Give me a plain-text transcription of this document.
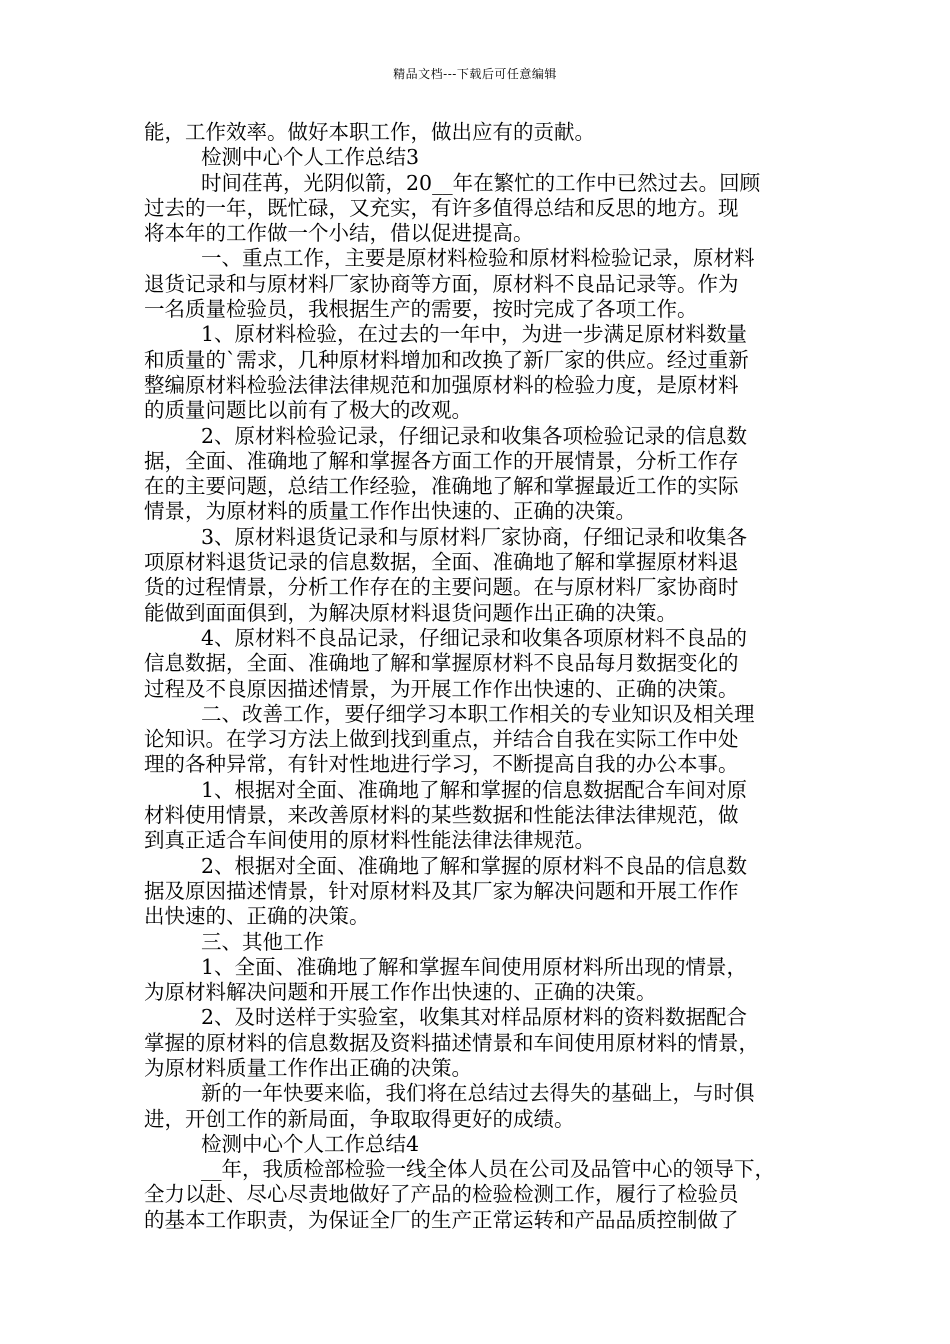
精品文档---下载后可任意编辑
能，工作效率。做好本职工作，做出应有的贡献。
检测中心个人工作总结3
时间荏苒，光阴似箭，20__年在繁忙的工作中已然过去。回顾
过去的一年，既忙碌，又充实，有许多值得总结和反思的地方。现
将本年的工作做一个小结，借以促进提高。
一、重点工作，主要是原材料检验和原材料检验记录，原材料
退货记录和与原材料厂家协商等方面，原材料不良品记录等。作为
一名质量检验员，我根据生产的需要，按时完成了各项工作。
1、原材料检验，在过去的一年中，为进一步满足原材料数量
和质量的`需求，几种原材料增加和改换了新厂家的供应。经过重新
整编原材料检验法律法律规范和加强原材料的检验力度，是原材料
的质量问题比以前有了极大的改观。
2、原材料检验记录，仔细记录和收集各项检验记录的信息数
据，全面、准确地了解和掌握各方面工作的开展情景，分析工作存
在的主要问题，总结工作经验，准确地了解和掌握最近工作的实际
情景，为原材料的质量工作作出快速的、正确的决策。
3、原材料退货记录和与原材料厂家协商，仔细记录和收集各
项原材料退货记录的信息数据，全面、准确地了解和掌握原材料退
货的过程情景，分析工作存在的主要问题。在与原材料厂家协商时
能做到面面俱到，为解决原材料退货问题作出正确的决策。
4、原材料不良品记录，仔细记录和收集各项原材料不良品的
信息数据，全面、准确地了解和掌握原材料不良品每月数据变化的
过程及不良原因描述情景，为开展工作作出快速的、正确的决策。
二、改善工作，要仔细学习本职工作相关的专业知识及相关理
论知识。在学习方法上做到找到重点，并结合自我在实际工作中处
理的各种异常，有针对性地进行学习，不断提高自我的办公本事。
1、根据对全面、准确地了解和掌握的信息数据配合车间对原
材料使用情景，来改善原材料的某些数据和性能法律法律规范，做
到真正适合车间使用的原材料性能法律法律规范。
2、根据对全面、准确地了解和掌握的原材料不良品的信息数
据及原因描述情景，针对原材料及其厂家为解决问题和开展工作作
出快速的、正确的决策。
三、其他工作
1、全面、准确地了解和掌握车间使用原材料所出现的情景，
为原材料解决问题和开展工作作出快速的、正确的决策。
2、及时送样于实验室，收集其对样品原材料的资料数据配合
掌握的原材料的信息数据及资料描述情景和车间使用原材料的情景，
为原材料质量工作作出正确的决策。
新的一年快要来临，我们将在总结过去得失的基础上，与时俱
进，开创工作的新局面，争取取得更好的成绩。
检测中心个人工作总结4
__年，我质检部检验一线全体人员在公司及品管中心的领导下，
全力以赴、尽心尽责地做好了产品的检验检测工作，履行了检验员
的基本工作职责，为保证全厂的生产正常运转和产品品质控制做了
